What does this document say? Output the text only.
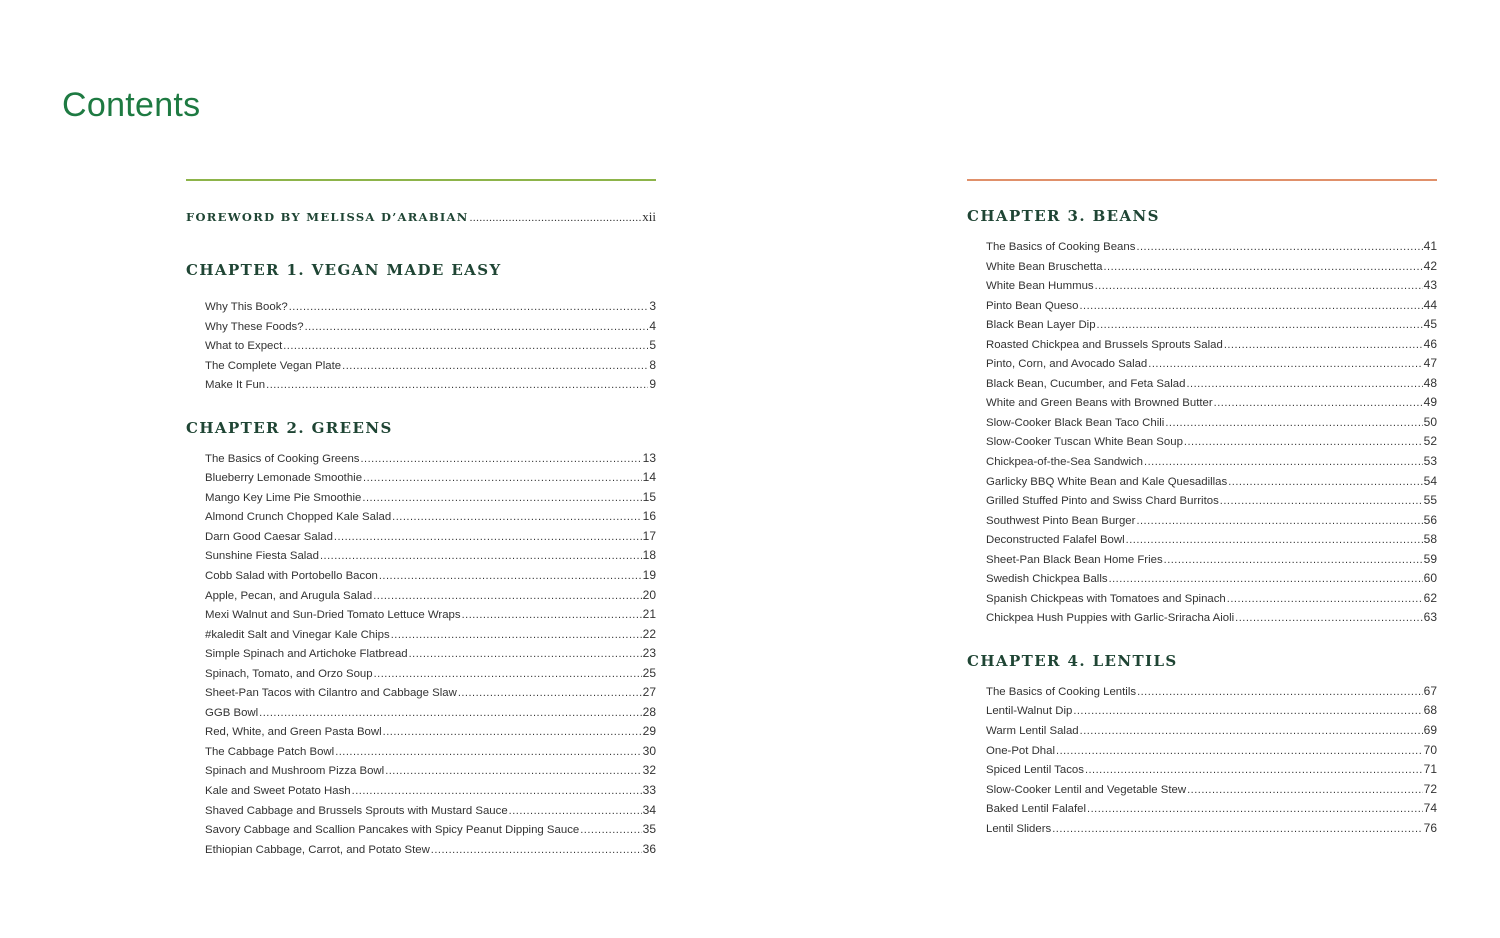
Contents
FOREWORD BY MELISSA D’ARABIAN .....	xii
CHAPTER 1. VEGAN MADE EASY
Why This Book? .....	3
Why These Foods? .....	4
What to Expect .....	5
The Complete Vegan Plate .....	8
Make It Fun .....	9
CHAPTER 2. GREENS
The Basics of Cooking Greens .....	13
Blueberry Lemonade Smoothie .....	14
Mango Key Lime Pie Smoothie .....	15
Almond Crunch Chopped Kale Salad .....	16
Darn Good Caesar Salad .....	17
Sunshine Fiesta Salad .....	18
Cobb Salad with Portobello Bacon .....	19
Apple, Pecan, and Arugula Salad .....	20
Mexi Walnut and Sun-Dried Tomato Lettuce Wraps .....	21
#kaledit Salt and Vinegar Kale Chips .....	22
Simple Spinach and Artichoke Flatbread .....	23
Spinach, Tomato, and Orzo Soup .....	25
Sheet-Pan Tacos with Cilantro and Cabbage Slaw .....	27
GGB Bowl .....	28
Red, White, and Green Pasta Bowl .....	29
The Cabbage Patch Bowl .....	30
Spinach and Mushroom Pizza Bowl .....	32
Kale and Sweet Potato Hash .....	33
Shaved Cabbage and Brussels Sprouts with Mustard Sauce .....	34
Savory Cabbage and Scallion Pancakes with Spicy Peanut Dipping Sauce .....	35
Ethiopian Cabbage, Carrot, and Potato Stew .....	36
CHAPTER 3. BEANS
The Basics of Cooking Beans .....	41
White Bean Bruschetta .....	42
White Bean Hummus .....	43
Pinto Bean Queso .....	44
Black Bean Layer Dip .....	45
Roasted Chickpea and Brussels Sprouts Salad .....	46
Pinto, Corn, and Avocado Salad .....	47
Black Bean, Cucumber, and Feta Salad .....	48
White and Green Beans with Browned Butter .....	49
Slow-Cooker Black Bean Taco Chili .....	50
Slow-Cooker Tuscan White Bean Soup .....	52
Chickpea-of-the-Sea Sandwich .....	53
Garlicky BBQ White Bean and Kale Quesadillas .....	54
Grilled Stuffed Pinto and Swiss Chard Burritos .....	55
Southwest Pinto Bean Burger .....	56
Deconstructed Falafel Bowl .....	58
Sheet-Pan Black Bean Home Fries .....	59
Swedish Chickpea Balls .....	60
Spanish Chickpeas with Tomatoes and Spinach .....	62
Chickpea Hush Puppies with Garlic-Sriracha Aioli .....	63
CHAPTER 4. LENTILS
The Basics of Cooking Lentils .....	67
Lentil-Walnut Dip .....	68
Warm Lentil Salad .....	69
One-Pot Dhal .....	70
Spiced Lentil Tacos .....	71
Slow-Cooker Lentil and Vegetable Stew .....	72
Baked Lentil Falafel .....	74
Lentil Sliders .....	76
